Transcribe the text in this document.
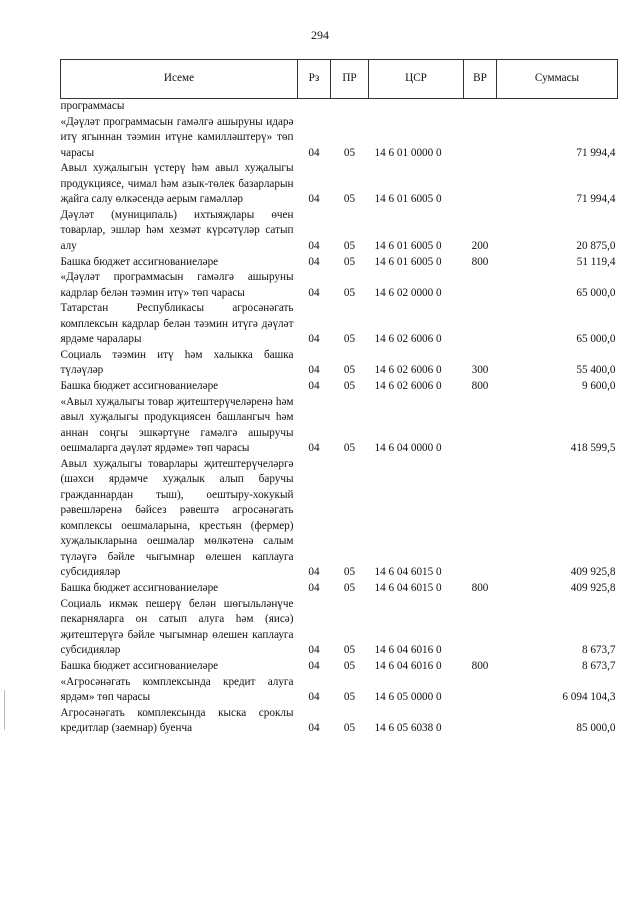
294
Исеме	Рз	ПР	ЦСР	ВР	Суммасы
программасы					
«Дәүләт программасын гамәлгә ашыруны идарә итү ягыннан тәэмин итүне камилләштерү» төп чарасы	04	05	14 6 01 0000 0		71 994,4
Авыл хуҗалыгын үстерү һәм авыл хуҗалыгы продукциясе, чимал һәм азык-төлек базарларын җайга салу өлкәсендә аерым гамәлләр	04	05	14 6 01 6005 0		71 994,4
Дәүләт (муниципаль) ихтыяҗлары өчен товарлар, эшләр һәм хезмәт күрсәтүләр сатып алу	04	05	14 6 01 6005 0	200	20 875,0
Башка бюджет ассигнованиеләре	04	05	14 6 01 6005 0	800	51 119,4
«Дәүләт программасын гамәлгә ашыруны кадрлар белән тәэмин итү» төп чарасы	04	05	14 6 02 0000 0		65 000,0
Татарстан Республикасы агросәнәгать комплексын кадрлар белән тәэмин итүгә дәүләт ярдәме чаралары	04	05	14 6 02 6006 0		65 000,0
Социаль тәэмин итү һәм халыкка башка түләүләр	04	05	14 6 02 6006 0	300	55 400,0
Башка бюджет ассигнованиеләре	04	05	14 6 02 6006 0	800	9 600,0
«Авыл хуҗалыгы товар җитештерүчеләренә һәм авыл хуҗалыгы продукциясен башлангыч һәм аннан соңгы эшкәртүне гамәлгә ашыручы оешмаларга дәүләт ярдәме» төп чарасы	04	05	14 6 04 0000 0		418 599,5
Авыл хуҗалыгы товарлары җитештерүчеләргә (шәхси ярдәмче хуҗалык алып баручы гражданнардан тыш), оештыру-хокукый рәвешләренә бәйсез рәвештә агросәнәгать комплексы оешмаларына, крестьян (фермер) хуҗалыкларына оешмалар мөлкәтенә салым түләүгә бәйле чыгымнар өлешен каплауга субсидияләр	04	05	14 6 04 6015 0		409 925,8
Башка бюджет ассигнованиеләре	04	05	14 6 04 6015 0	800	409 925,8
Социаль икмәк пешерү белән шөгыльләнүче пекарняларга он сатып алуга һәм (яисә) җитештерүгә бәйле чыгымнар өлешен каплауга субсидияләр	04	05	14 6 04 6016 0		8 673,7
Башка бюджет ассигнованиеләре	04	05	14 6 04 6016 0	800	8 673,7
«Агросәнәгать комплексында кредит алуга ярдәм» төп чарасы	04	05	14 6 05 0000 0		6 094 104,3
Агросәнәгать комплексында кыска сроклы кредитлар (заемнар) буенча	04	05	14 6 05 6038 0		85 000,0
